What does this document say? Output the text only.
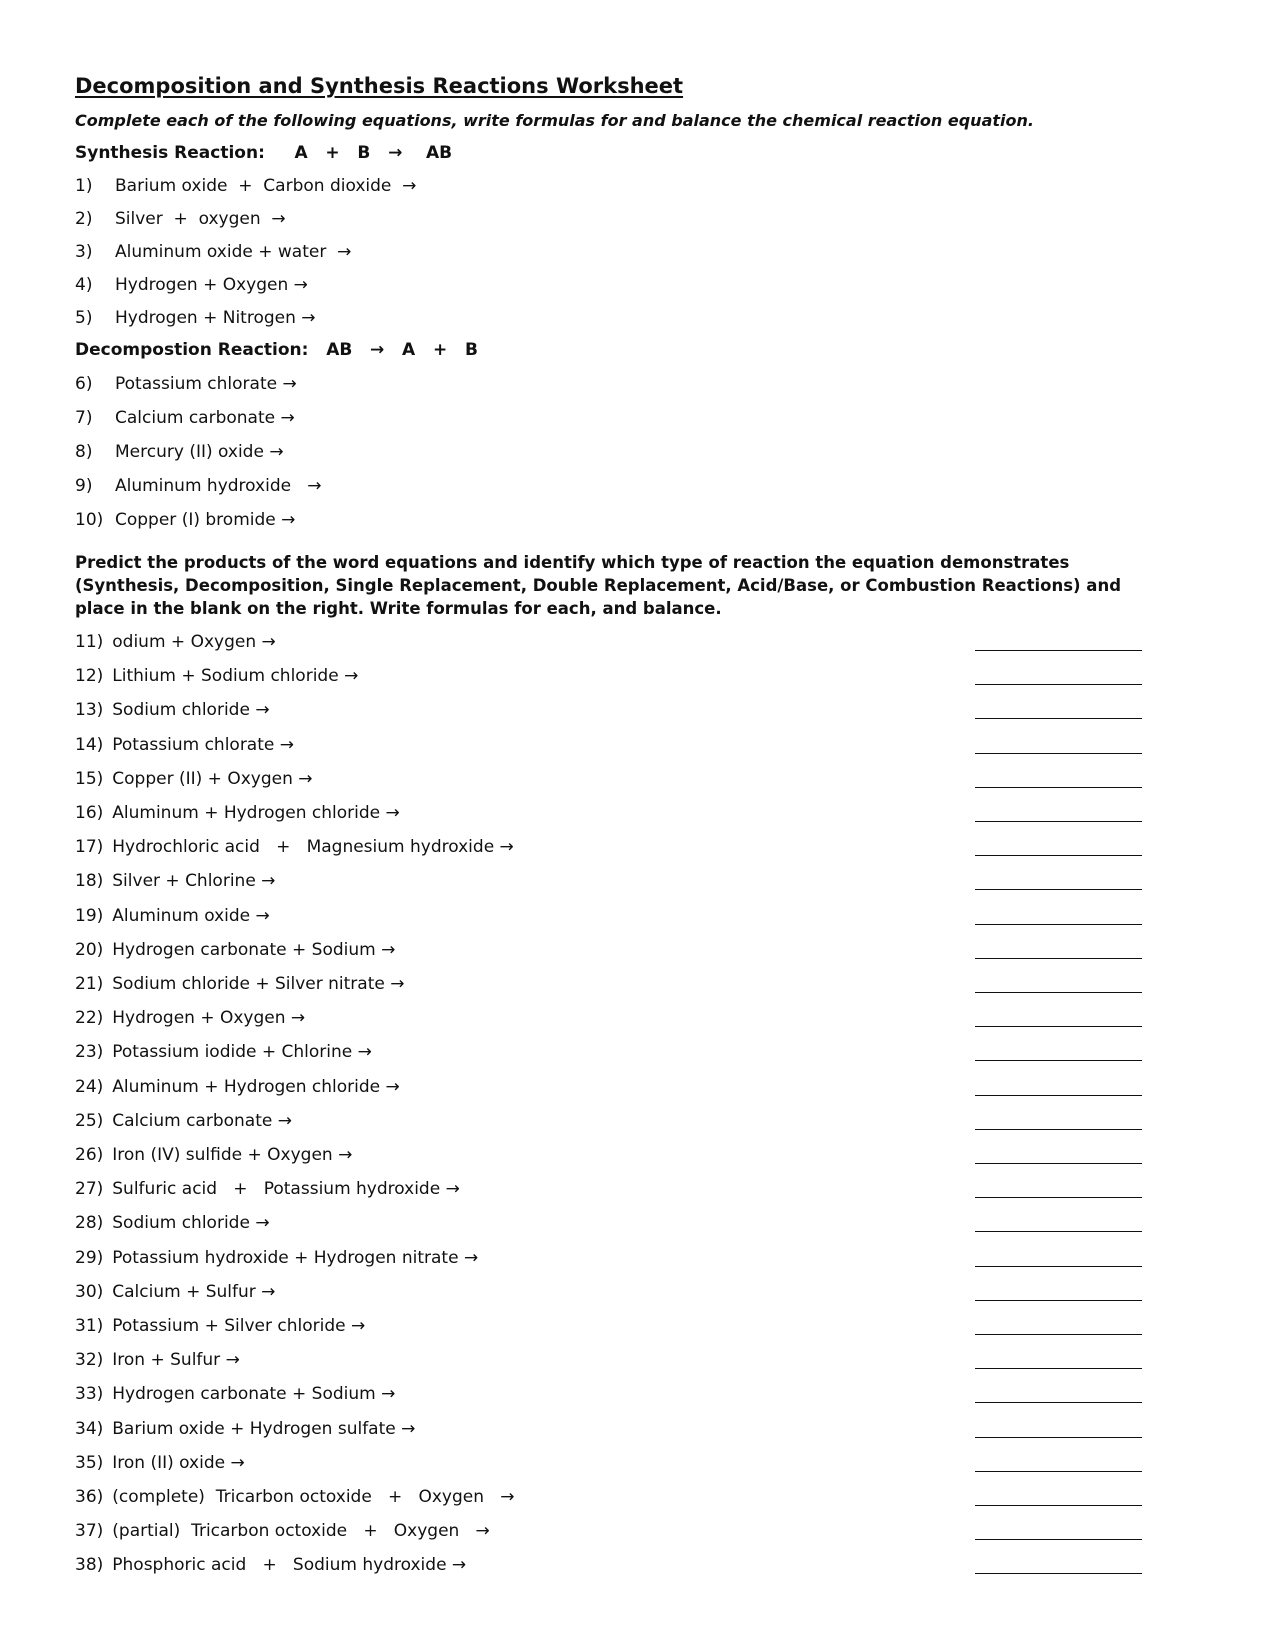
Decomposition and Synthesis Reactions Worksheet

Complete each of the following equations, write formulas for and balance the chemical reaction equation.

Synthesis Reaction:     A   +   B   →    AB

1) Barium oxide  +  Carbon dioxide  →
2) Silver  +  oxygen  →
3) Aluminum oxide + water  →
4) Hydrogen + Oxygen →
5) Hydrogen + Nitrogen →

Decompostion Reaction:   AB   →   A   +   B

6) Potassium chlorate →
7) Calcium carbonate →
8) Mercury (II) oxide →
9) Aluminum hydroxide   →
10) Copper (I) bromide →

Predict the products of the word equations and identify which type of reaction the equation demonstrates (Synthesis, Decomposition, Single Replacement, Double Replacement, Acid/Base, or Combustion Reactions) and place in the blank on the right. Write formulas for each, and balance.

11) odium + Oxygen →
12) Lithium + Sodium chloride →
13) Sodium chloride →
14) Potassium chlorate →
15) Copper (II) + Oxygen →
16) Aluminum + Hydrogen chloride →
17) Hydrochloric acid   +   Magnesium hydroxide →
18) Silver + Chlorine →
19) Aluminum oxide →
20) Hydrogen carbonate + Sodium →
21) Sodium chloride + Silver nitrate →
22) Hydrogen + Oxygen →
23) Potassium iodide + Chlorine →
24) Aluminum + Hydrogen chloride →
25) Calcium carbonate →
26) Iron (IV) sulfide + Oxygen →
27) Sulfuric acid   +   Potassium hydroxide →
28) Sodium chloride →
29) Potassium hydroxide + Hydrogen nitrate →
30) Calcium + Sulfur →
31) Potassium + Silver chloride →
32) Iron + Sulfur →
33) Hydrogen carbonate + Sodium →
34) Barium oxide + Hydrogen sulfate →
35) Iron (II) oxide →
36) (complete)  Tricarbon octoxide   +   Oxygen   →
37) (partial)  Tricarbon octoxide   +   Oxygen   →
38) Phosphoric acid   +   Sodium hydroxide →
